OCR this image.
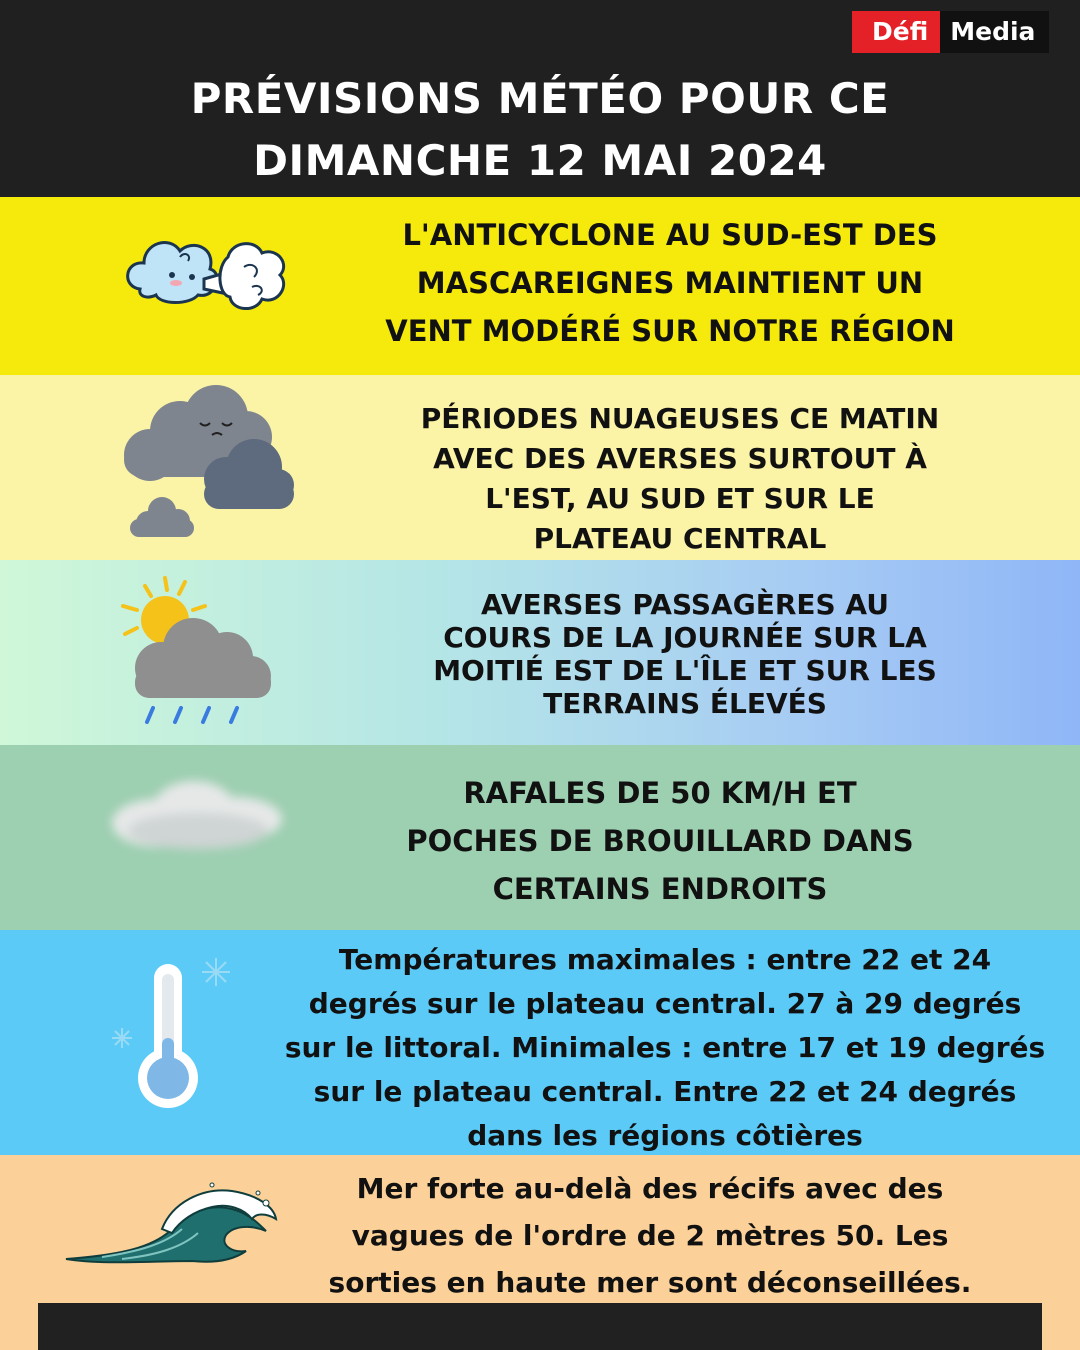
Défi Media
PRÉVISIONS MÉTÉO POUR CE
DIMANCHE 12 MAI 2024
L'ANTICYCLONE AU SUD-EST DES
MASCAREIGNES MAINTIENT UN
VENT MODÉRÉ SUR NOTRE RÉGION
PÉRIODES NUAGEUSES CE MATIN
AVEC DES AVERSES SURTOUT À
L'EST, AU SUD ET SUR LE
PLATEAU CENTRAL
AVERSES PASSAGÈRES AU
COURS DE LA JOURNÉE SUR LA
MOITIÉ EST DE L'ÎLE ET SUR LES
TERRAINS ÉLEVÉS
RAFALES DE 50 KM/H ET
POCHES DE BROUILLARD DANS
CERTAINS ENDROITS
Températures maximales : entre 22 et 24
degrés sur le plateau central. 27 à 29 degrés
sur le littoral. Minimales : entre 17 et 19 degrés
sur le plateau central. Entre 22 et 24 degrés
dans les régions côtières
Mer forte au-delà des récifs avec des
vagues de l'ordre de 2 mètres 50. Les
sorties en haute mer sont déconseillées.
